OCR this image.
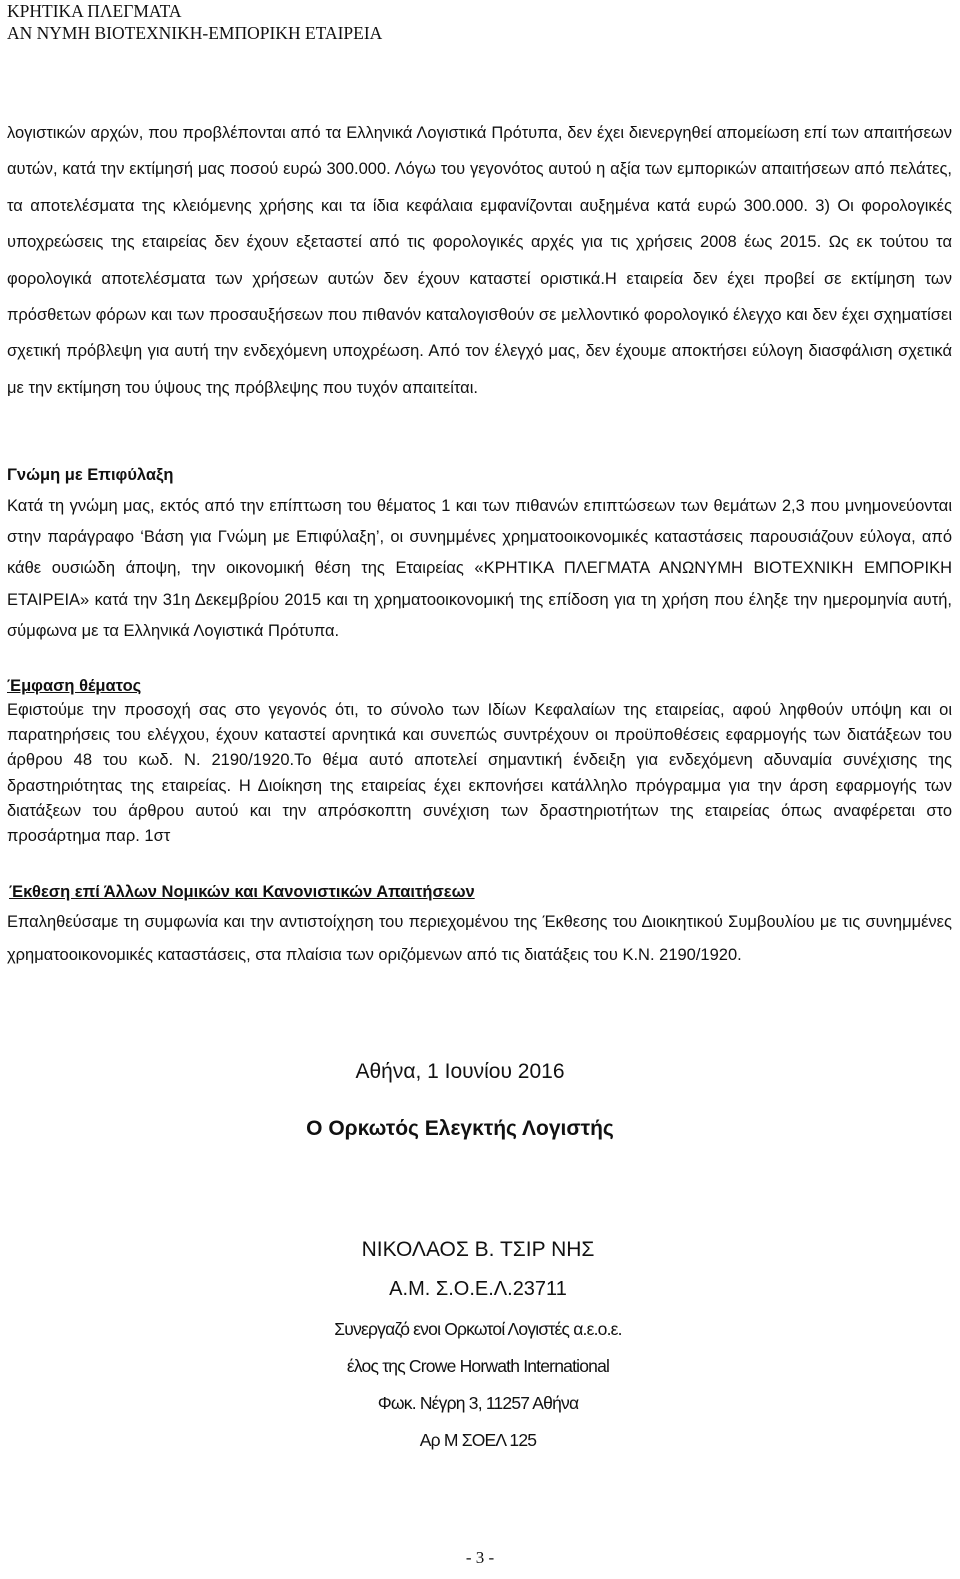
ΚΡΗΤΙΚΑ ΠΛΕΓΜΑΤΑ
ΑΝ ΝΥΜΗ ΒΙΟΤΕΧΝΙΚΗ-ΕΜΠΟΡΙΚΗ ΕΤΑΙΡΕΙΑ
λογιστικών αρχών, που προβλέπονται από τα Ελληνικά Λογιστικά Πρότυπα, δεν έχει διενεργηθεί απομείωση επί των απαιτήσεων αυτών, κατά την εκτίμησή μας ποσού ευρώ 300.000. Λόγω του γεγονότος αυτού η αξία των εμπορικών απαιτήσεων από πελάτες, τα αποτελέσματα της κλειόμενης χρήσης και τα ίδια κεφάλαια εμφανίζονται αυξημένα κατά ευρώ 300.000. 3) Οι φορολογικές υποχρεώσεις της εταιρείας δεν έχουν εξεταστεί από τις φορολογικές αρχές για τις χρήσεις 2008 έως 2015. Ως εκ τούτου τα φορολογικά αποτελέσματα των χρήσεων αυτών δεν έχουν καταστεί οριστικά.Η εταιρεία δεν έχει προβεί σε εκτίμηση των πρόσθετων φόρων και των προσαυξήσεων που πιθανόν καταλογισθούν σε μελλοντικό φορολογικό έλεγχο και δεν έχει σχηματίσει σχετική πρόβλεψη για αυτή την ενδεχόμενη υποχρέωση. Από τον έλεγχό μας, δεν έχουμε αποκτήσει εύλογη διασφάλιση σχετικά με την εκτίμηση του ύψους της πρόβλεψης που τυχόν απαιτείται.
Γνώμη με Επιφύλαξη
Κατά τη γνώμη μας, εκτός από την επίπτωση του θέματος 1 και των πιθανών επιπτώσεων των θεμάτων 2,3 που μνημονεύονται στην παράγραφο ‘Βάση για Γνώμη με Επιφύλαξη’, οι συνημμένες χρηματοοικονομικές καταστάσεις παρουσιάζουν εύλογα, από κάθε ουσιώδη άποψη, την οικονομική θέση της Εταιρείας «ΚΡΗΤΙΚΑ ΠΛΕΓΜΑΤΑ ΑΝΩΝΥΜΗ ΒΙΟΤΕΧΝΙΚΗ ΕΜΠΟΡΙΚΗ ΕΤΑΙΡΕΙΑ» κατά την 31η Δεκεμβρίου 2015 και τη χρηματοοικονομική της επίδοση για τη χρήση που έληξε την ημερομηνία αυτή, σύμφωνα με τα Ελληνικά Λογιστικά Πρότυπα.
Έμφαση θέματος
Εφιστούμε την προσοχή σας στο γεγονός ότι, το σύνολο των Ιδίων Κεφαλαίων της εταιρείας, αφού ληφθούν υπόψη και οι παρατηρήσεις του ελέγχου, έχουν καταστεί αρνητικά και συνεπώς συντρέχουν οι προϋποθέσεις εφαρμογής των διατάξεων του άρθρου 48 του κωδ. Ν. 2190/1920.Το θέμα αυτό αποτελεί σημαντική ένδειξη για ενδεχόμενη αδυναμία συνέχισης της δραστηριότητας της εταιρείας. Η Διοίκηση της εταιρείας έχει εκπονήσει κατάλληλο πρόγραμμα για την άρση εφαρμογής των διατάξεων του άρθρου αυτού και την απρόσκοπτη συνέχιση των δραστηριοτήτων της εταιρείας όπως αναφέρεται στο προσάρτημα παρ. 1στ
Έκθεση επί Άλλων Νομικών και Κανονιστικών Απαιτήσεων
Επαληθεύσαμε τη συμφωνία και την αντιστοίχηση του περιεχομένου της Έκθεσης του Διοικητικού Συμβουλίου με τις συνημμένες χρηματοοικονομικές καταστάσεις, στα πλαίσια των οριζόμενων από τις διατάξεις του Κ.Ν. 2190/1920.
Αθήνα, 1 Ιουνίου 2016
Ο Ορκωτός Ελεγκτής Λογιστής
ΝΙΚΟΛΑΟΣ Β. ΤΣΙΡ ΝΗΣ
Α.Μ. Σ.Ο.Ε.Λ.23711
Συνεργαζό ενοι Ορκωτοί Λογιστές α.ε.ο.ε.
έλος της Crowe Horwath International
Φωκ. Νέγρη 3, 11257 Αθήνα
Αρ Μ ΣΟΕΛ 125
- 3 -
